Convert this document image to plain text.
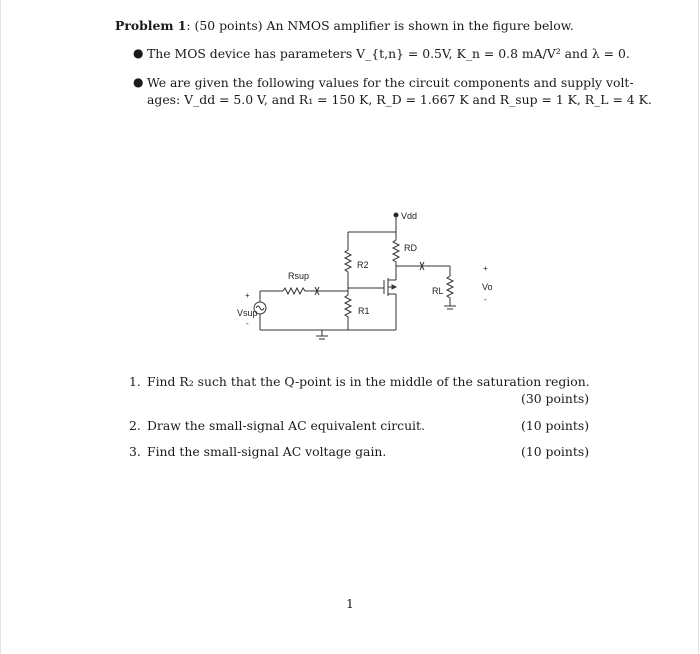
Problem 1: (50 points) An NMOS amplifier is shown in the figure below.
● The MOS device has parameters V_{t,n} = 0.5V, K_n = 0.8 mA/V² and λ = 0.
● We are given the following values for the circuit components and supply volt-
ages: V_dd = 5.0 V, and R₁ = 150 K, R_D = 1.667 K and R_sup = 1 K, R_L = 4 K.
Vdd
RD
R2
R1
Rsup
RL
+
Vo
-
+
Vsup
-
1. Find R₂ such that the Q-point is in the middle of the saturation region.
(30 points)
2. Draw the small-signal AC equivalent circuit.	(10 points)
3. Find the small-signal AC voltage gain.	(10 points)
1
